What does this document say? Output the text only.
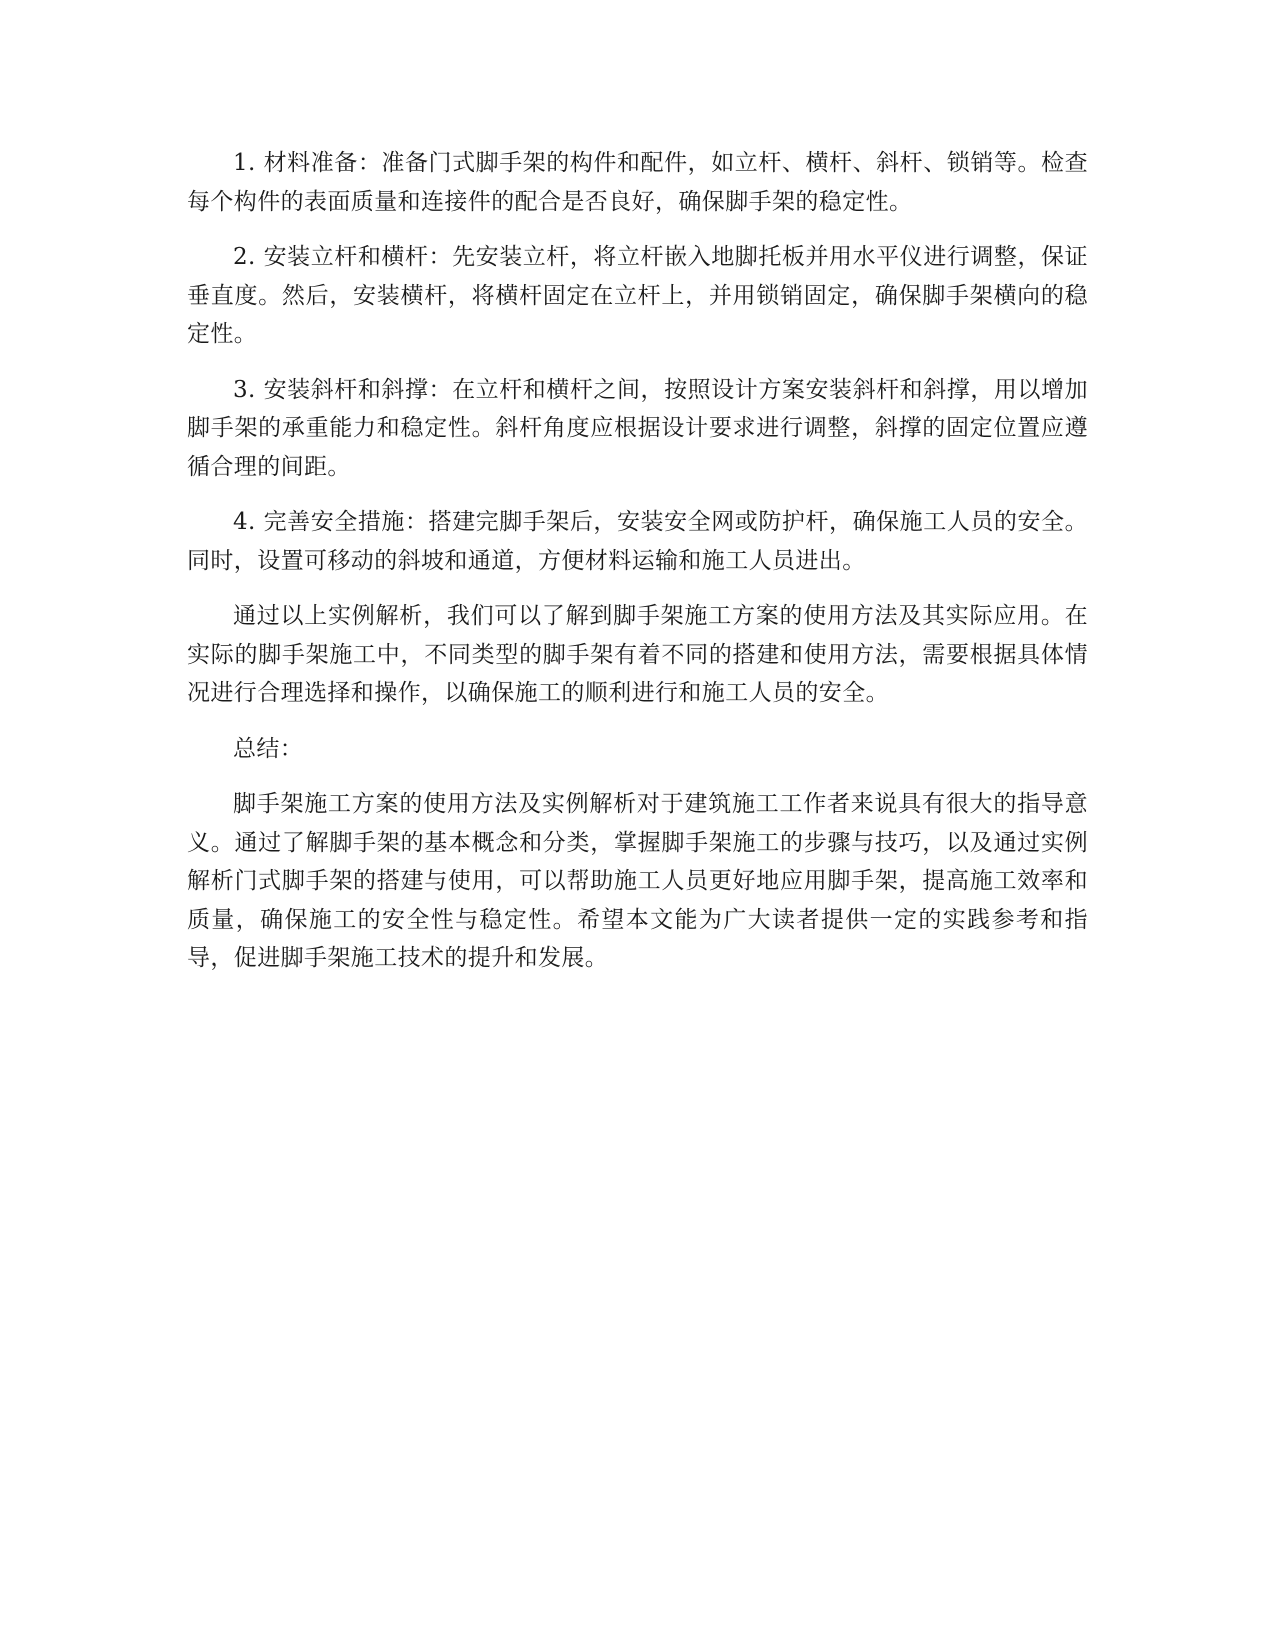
1. 材料准备：准备门式脚手架的构件和配件，如立杆、横杆、斜杆、锁销等。检查每个构件的表面质量和连接件的配合是否良好，确保脚手架的稳定性。

2. 安装立杆和横杆：先安装立杆，将立杆嵌入地脚托板并用水平仪进行调整，保证垂直度。然后，安装横杆，将横杆固定在立杆上，并用锁销固定，确保脚手架横向的稳定性。

3. 安装斜杆和斜撑：在立杆和横杆之间，按照设计方案安装斜杆和斜撑，用以增加脚手架的承重能力和稳定性。斜杆角度应根据设计要求进行调整，斜撑的固定位置应遵循合理的间距。

4. 完善安全措施：搭建完脚手架后，安装安全网或防护杆，确保施工人员的安全。同时，设置可移动的斜坡和通道，方便材料运输和施工人员进出。

通过以上实例解析，我们可以了解到脚手架施工方案的使用方法及其实际应用。在实际的脚手架施工中，不同类型的脚手架有着不同的搭建和使用方法，需要根据具体情况进行合理选择和操作，以确保施工的顺利进行和施工人员的安全。

总结：

脚手架施工方案的使用方法及实例解析对于建筑施工工作者来说具有很大的指导意义。通过了解脚手架的基本概念和分类，掌握脚手架施工的步骤与技巧，以及通过实例解析门式脚手架的搭建与使用，可以帮助施工人员更好地应用脚手架，提高施工效率和质量，确保施工的安全性与稳定性。希望本文能为广大读者提供一定的实践参考和指导，促进脚手架施工技术的提升和发展。
